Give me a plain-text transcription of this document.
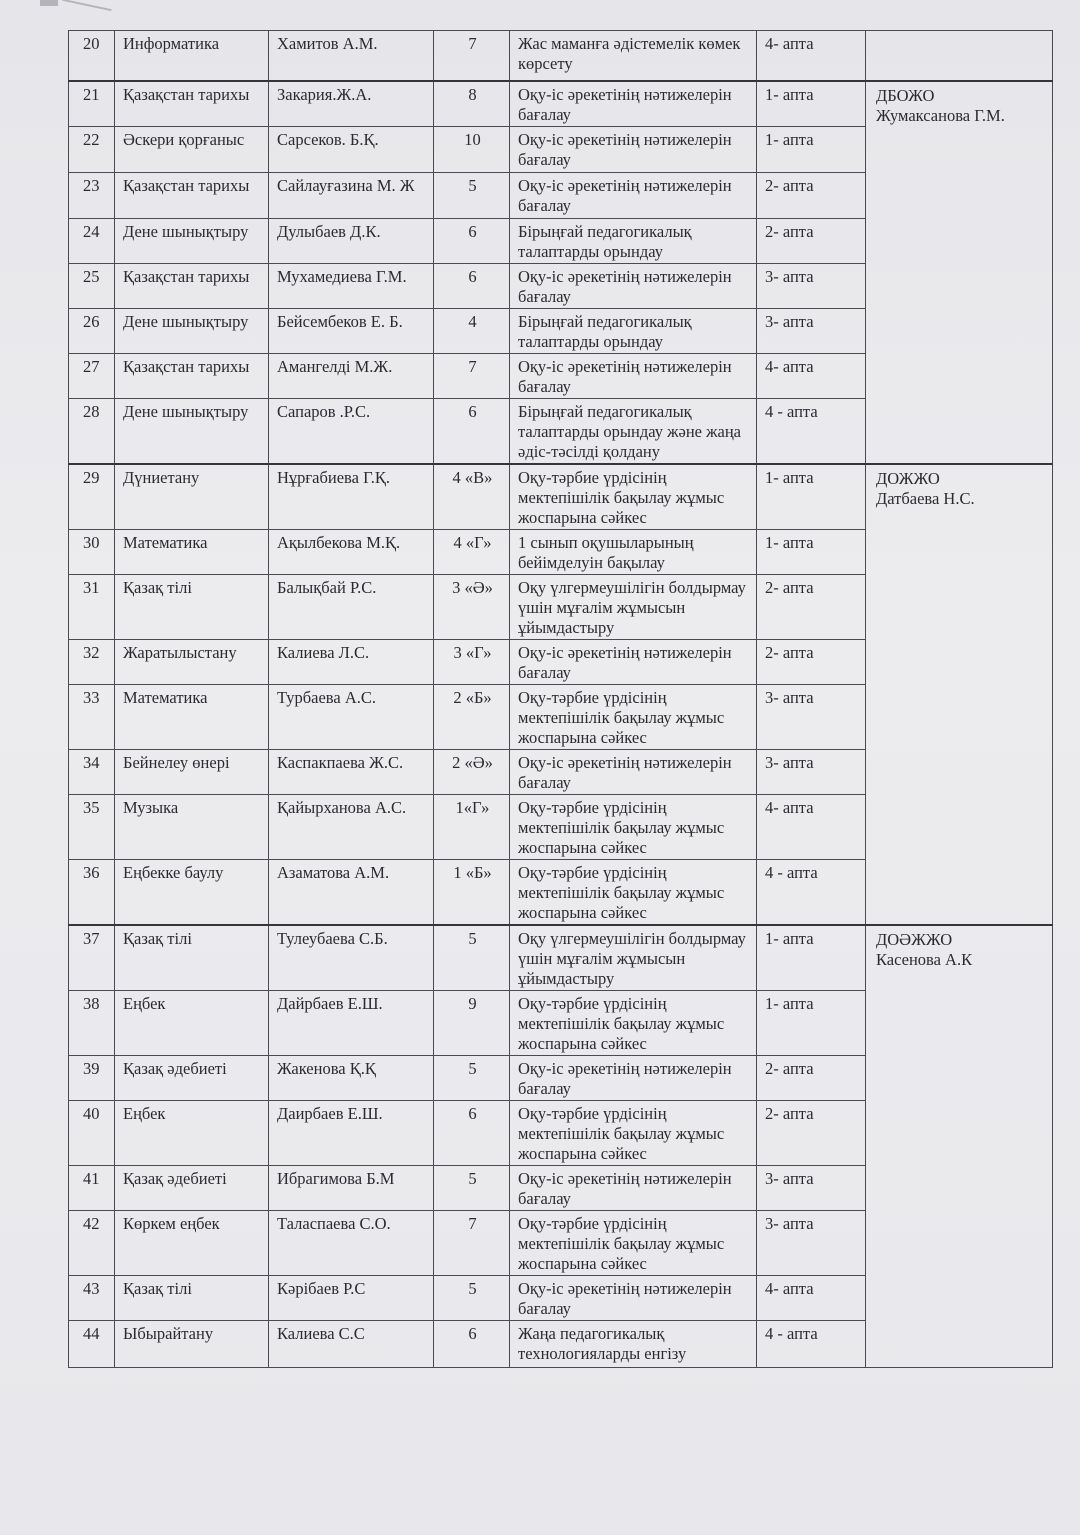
20	Информатика	Хамитов А.М.	7	Жас маманға әдістемелік көмек көрсету	4- апта	
21	Қазақстан тарихы	Закария.Ж.А.	8	Оқу-іс әрекетінің нәтижелерін бағалау	1- апта	ДБОЖО
Жумаксанова Г.М.

22	Әскери қорғаныс	Сарсеков. Б.Қ.	10	Оқу-іс әрекетінің нәтижелерін бағалау	1- апта	
23	Қазақстан тарихы	Сайлауғазина М. Ж	5	Оқу-іс әрекетінің нәтижелерін бағалау	2- апта	
24	Дене шынықтыру	Дулыбаев Д.К.	6	Бірыңғай педагогикалық талаптарды орындау	2- апта	
25	Қазақстан тарихы	Мухамедиева Г.М.	6	Оқу-іс әрекетінің нәтижелерін бағалау	3- апта	
26	Дене шынықтыру	Бейсембеков Е. Б.	4	Бірыңғай педагогикалық талаптарды орындау	3- апта	
27	Қазақстан тарихы	Амангелді М.Ж.	7	Оқу-іс әрекетінің нәтижелерін бағалау	4- апта	
28	Дене шынықтыру	Сапаров .Р.С.	6	Бірыңғай педагогикалық талаптарды орындау және жаңа әдіс-тәсілді қолдану	4 - апта	
29	Дүниетану	Нұрғабиева Г.Қ.	4 «В»	Оқу-тәрбие үрдісінің мектепішілік бақылау жұмыс жоспарына сәйкес	1- апта	ДОЖЖО
Датбаева Н.С.

30	Математика	Ақылбекова М.Қ.	4 «Г»	1 сынып оқушыларының бейімделуін бақылау	1- апта	
31	Қазақ тілі	Балықбай Р.С.	3 «Ә»	Оқу үлгермеушілігін болдырмау үшін мұғалім жұмысын ұйымдастыру	2- апта	
32	Жаратылыстану	Калиева Л.С.	3 «Г»	Оқу-іс әрекетінің нәтижелерін бағалау	2- апта	
33	Математика	Турбаева А.С.	2 «Б»	Оқу-тәрбие үрдісінің мектепішілік бақылау жұмыс жоспарына сәйкес	3- апта	
34	Бейнелеу өнері	Каспакпаева Ж.С.	2 «Ә»	Оқу-іс әрекетінің нәтижелерін бағалау	3- апта	
35	Музыка	Қайырханова А.С.	1«Г»	Оқу-тәрбие үрдісінің мектепішілік бақылау жұмыс жоспарына сәйкес	4- апта	
36	Еңбекке баулу	Азаматова А.М.	1 «Б»	Оқу-тәрбие үрдісінің мектепішілік бақылау жұмыс жоспарына сәйкес	4 - апта	
37	Қазақ тілі	Тулеубаева С.Б.	5	Оқу үлгермеушілігін болдырмау үшін мұғалім жұмысын ұйымдастыру	1- апта	ДОӘЖЖО
Касенова А.К

38	Еңбек	Дайрбаев Е.Ш.	9	Оқу-тәрбие үрдісінің мектепішілік бақылау жұмыс жоспарына сәйкес	1- апта	
39	Қазақ әдебиеті	Жакенова Қ.Қ	5	Оқу-іс әрекетінің нәтижелерін бағалау	2- апта	
40	Еңбек	Даирбаев Е.Ш.	6	Оқу-тәрбие үрдісінің мектепішілік бақылау жұмыс жоспарына сәйкес	2- апта	
41	Қазақ әдебиеті	Ибрагимова Б.М	5	Оқу-іс әрекетінің нәтижелерін бағалау	3- апта	
42	Көркем еңбек	Таласпаева С.О.	7	Оқу-тәрбие үрдісінің мектепішілік бақылау жұмыс жоспарына сәйкес	3- апта	
43	Қазақ тілі	Кәрібаев Р.С	5	Оқу-іс әрекетінің нәтижелерін бағалау	4- апта	
44	Ыбырайтану	Калиева С.С	6	Жаңа педагогикалық технологияларды енгізу	4 - апта	
